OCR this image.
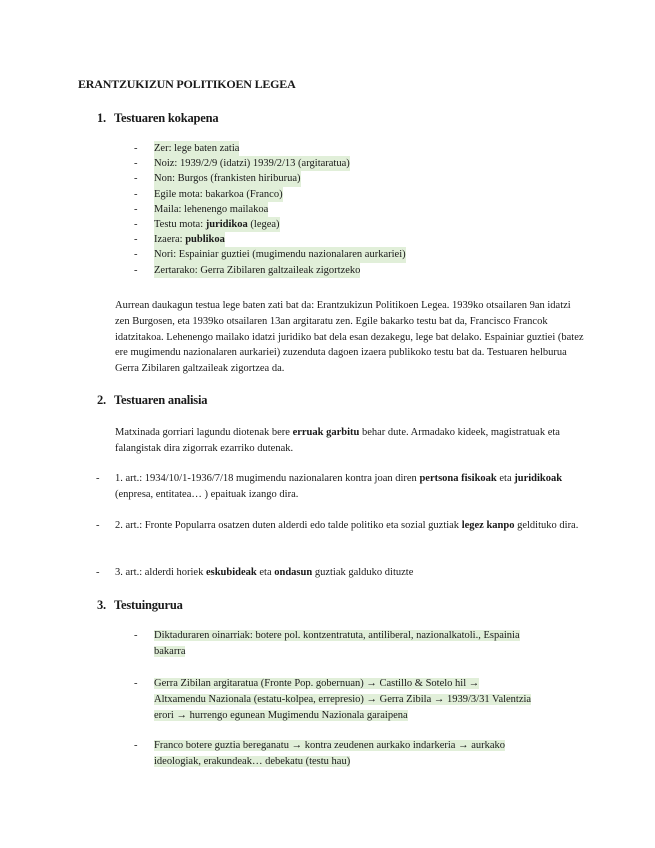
ERANTZUKIZUN POLITIKOEN LEGEA
1. Testuaren kokapena
- Zer: lege baten zatia
- Noiz: 1939/2/9 (idatzi) 1939/2/13 (argitaratua)
- Non: Burgos (frankisten hiriburua)
- Egile mota: bakarkoa (Franco)
- Maila: lehenengo mailakoa
- Testu mota: juridikoa (legea)
- Izaera: publikoa
- Nori: Espainiar guztiei (mugimendu nazionalaren aurkariei)
- Zertarako: Gerra Zibilaren galtzaileak zigortzeko
Aurrean daukagun testua lege baten zati bat da: Erantzukizun Politikoen Legea. 1939ko otsailaren 9an idatzi zen Burgosen, eta 1939ko otsailaren 13an argitaratu zen. Egile bakarko testu bat da, Francisco Francok idatzitakoa. Lehenengo mailako idatzi juridiko bat dela esan dezakegu, lege bat delako. Espainiar guztiei (batez ere mugimendu nazionalaren aurkariei) zuzenduta dagoen izaera publikoko testu bat da. Testuaren helburua Gerra Zibilaren galtzaileak zigortzea da.
2. Testuaren analisia
Matxinada gorriari lagundu diotenak bere erruak garbitu behar dute. Armadako kideek, magistratuak eta falangistak dira zigorrak ezarriko dutenak.
- 1. art.: 1934/10/1-1936/7/18 mugimendu nazionalaren kontra joan diren pertsona fisikoak eta juridikoak (enpresa, entitatea… ) epaituak izango dira.
- 2. art.: Fronte Popularra osatzen duten alderdi edo talde politiko eta sozial guztiak legez kanpo geldituko dira.
- 3. art.: alderdi horiek eskubideak eta ondasun guztiak galduko dituzte
3. Testuingurua
- Diktaduraren oinarriak: botere pol. kontzentratuta, antiliberal, nazionalkatoli., Espainia
bakarra
- Gerra Zibilan argitaratua (Fronte Pop. gobernuan) → Castillo & Sotelo hil →
Altxamendu Nazionala (estatu-kolpea, errepresio) → Gerra Zibila → 1939/3/31 Valentzia
erori → hurrengo egunean Mugimendu Nazionala garaipena
- Franco botere guztia bereganatu → kontra zeudenen aurkako indarkeria → aurkako
ideologiak, erakundeak… debekatu (testu hau)
